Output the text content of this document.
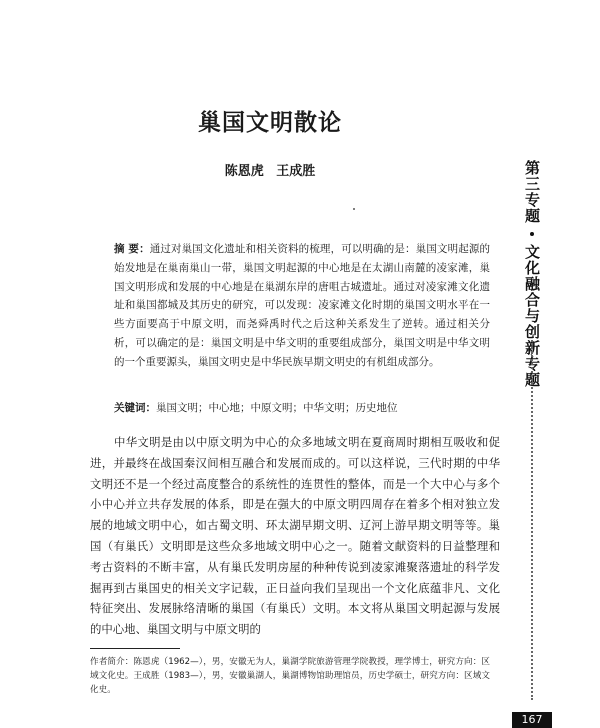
巢国文明散论
陈恩虎 王成胜
摘 要：通过对巢国文化遗址和相关资料的梳理，可以明确的是：巢国文明起源的始发地是在巢南巢山一带，巢国文明起源的中心地是在太湖山南麓的凌家滩，巢国文明形成和发展的中心地是在巢湖东岸的唐咀古城遗址。通过对凌家滩文化遗址和巢国都城及其历史的研究，可以发现：凌家滩文化时期的巢国文明水平在一些方面要高于中原文明，而尧舜禹时代之后这种关系发生了逆转。通过相关分析，可以确定的是：巢国文明是中华文明的重要组成部分，巢国文明是中华文明的一个重要源头，巢国文明史是中华民族早期文明史的有机组成部分。
关键词：巢国文明；中心地；中原文明；中华文明；历史地位
中华文明是由以中原文明为中心的众多地域文明在夏商周时期相互吸收和促进，并最终在战国秦汉间相互融合和发展而成的。可以这样说，三代时期的中华文明还不是一个经过高度整合的系统性的连贯性的整体，而是一个大中心与多个小中心并立共存发展的体系，即是在强大的中原文明四周存在着多个相对独立发展的地域文明中心，如古蜀文明、环太湖早期文明、辽河上游早期文明等等。巢国（有巢氏）文明即是这些众多地域文明中心之一。随着文献资料的日益整理和考古资料的不断丰富，从有巢氏发明房屋的种种传说到凌家滩聚落遗址的科学发掘再到古巢国史的相关文字记载，正日益向我们呈现出一个文化底蕴非凡、文化特征突出、发展脉络清晰的巢国（有巢氏）文明。本文将从巢国文明起源与发展的中心地、巢国文明与中原文明的
作者简介：陈恩虎（1962—），男，安徽无为人，巢湖学院旅游管理学院教授，理学博士，研究方向：区域文化史。王成胜（1983—），男，安徽巢湖人，巢湖博物馆助理馆员，历史学硕士，研究方向：区域文化史。
第三专题
文化融合与创新专题
167
